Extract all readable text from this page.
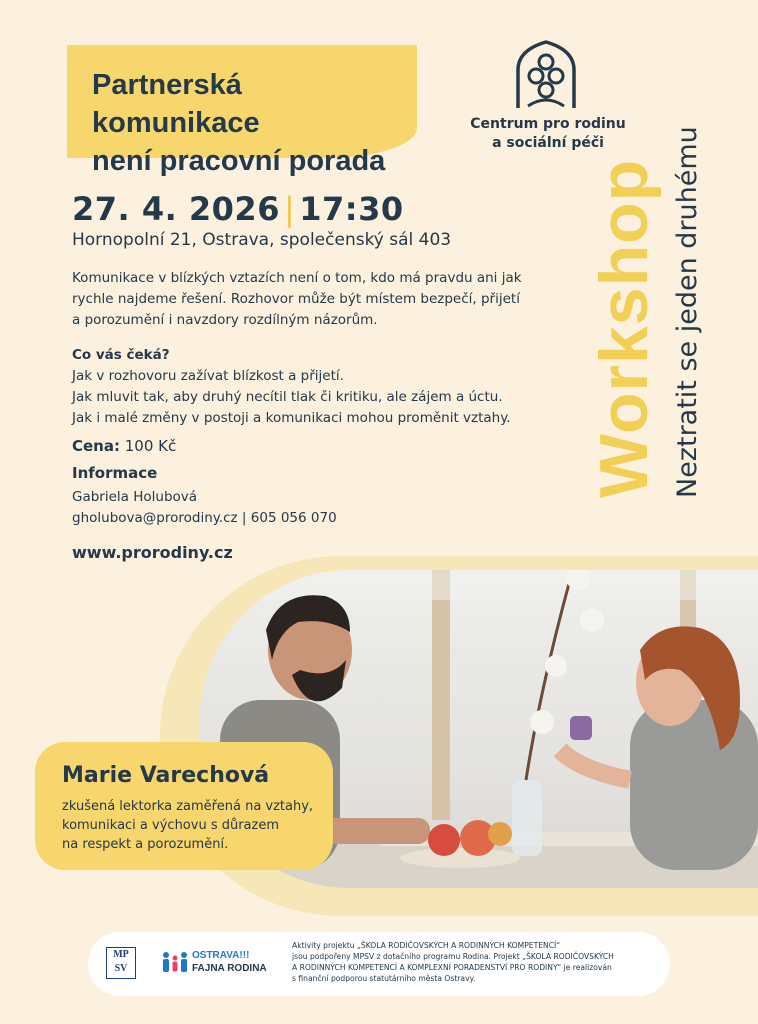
Partnerská komunikace
není pracovní porada
Centrum pro rodinu
a sociální péči
27. 4. 2026 | 17:30
Hornopolní 21, Ostrava, společenský sál 403
Komunikace v blízkých vztazích není o tom, kdo má pravdu ani jak
rychle najdeme řešení. Rozhovor může být místem bezpečí, přijetí
a porozumění i navzdory rozdílným názorům.
Co vás čeká?
Jak v rozhovoru zažívat blízkost a přijetí.
Jak mluvit tak, aby druhý necítil tlak či kritiku, ale zájem a úctu.
Jak i malé změny v postoji a komunikaci mohou proměnit vztahy.
Cena: 100 Kč
Informace
Gabriela Holubová
gholubova@prorodiny.cz | 605 056 070
www.prorodiny.cz
Workshop Neztratit se jeden druhému
Marie Varechová
zkušená lektorka zaměřená na vztahy,
komunikaci a výchovu s důrazem
na respekt a porozumění.
MP
SV
OSTRAVA!!!
FAJNA RODINA
Aktivity projektu „ŠKOLA RODIČOVSKÝCH A RODINNÝCH KOMPETENCÍ“
jsou podpořeny MPSV z dotačního programu Rodina. Projekt „ŠKOLA RODIČOVSKÝCH
A RODINNÝCH KOMPETENCÍ A KOMPLEXNÍ PORADENSTVÍ PRO RODINY“ je realizován
s finanční podporou statutárního města Ostravy.
